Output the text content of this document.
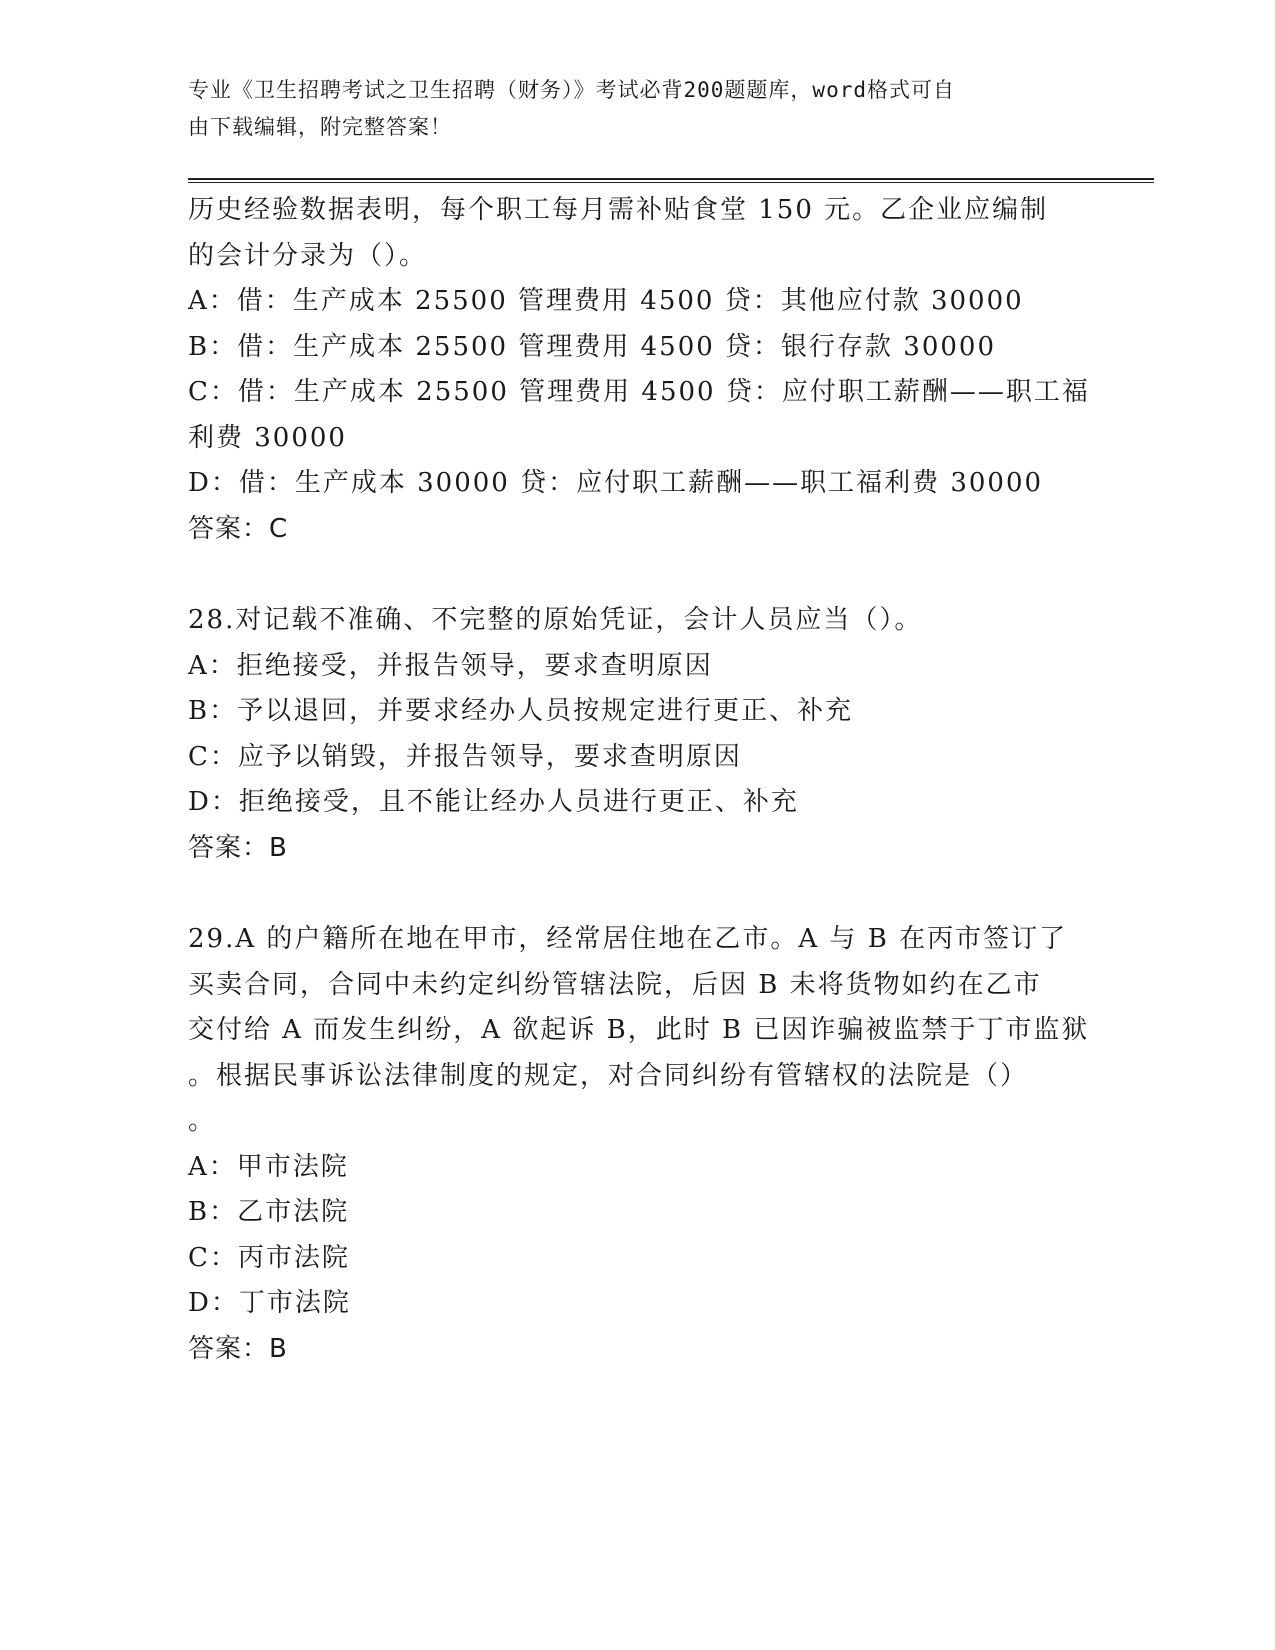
专业《卫生招聘考试之卫生招聘（财务）》考试必背200题题库，word格式可自
由下载编辑，附完整答案！
历史经验数据表明，每个职工每月需补贴食堂 150 元。乙企业应编制
的会计分录为（）。
A：借：生产成本 25500 管理费用 4500 贷：其他应付款 30000
B：借：生产成本 25500 管理费用 4500 贷：银行存款 30000
C：借：生产成本 25500 管理费用 4500 贷：应付职工薪酬——职工福
利费 30000
D：借：生产成本 30000 贷：应付职工薪酬——职工福利费 30000
答案：C
28.对记载不准确、不完整的原始凭证，会计人员应当（）。
A：拒绝接受，并报告领导，要求查明原因
B：予以退回，并要求经办人员按规定进行更正、补充
C：应予以销毁，并报告领导，要求查明原因
D：拒绝接受，且不能让经办人员进行更正、补充
答案：B
29.A 的户籍所在地在甲市，经常居住地在乙市。A 与 B 在丙市签订了
买卖合同，合同中未约定纠纷管辖法院，后因 B 未将货物如约在乙市
交付给 A 而发生纠纷，A 欲起诉 B，此时 B 已因诈骗被监禁于丁市监狱
。根据民事诉讼法律制度的规定，对合同纠纷有管辖权的法院是（）
。
A：甲市法院
B：乙市法院
C：丙市法院
D：丁市法院
答案：B
